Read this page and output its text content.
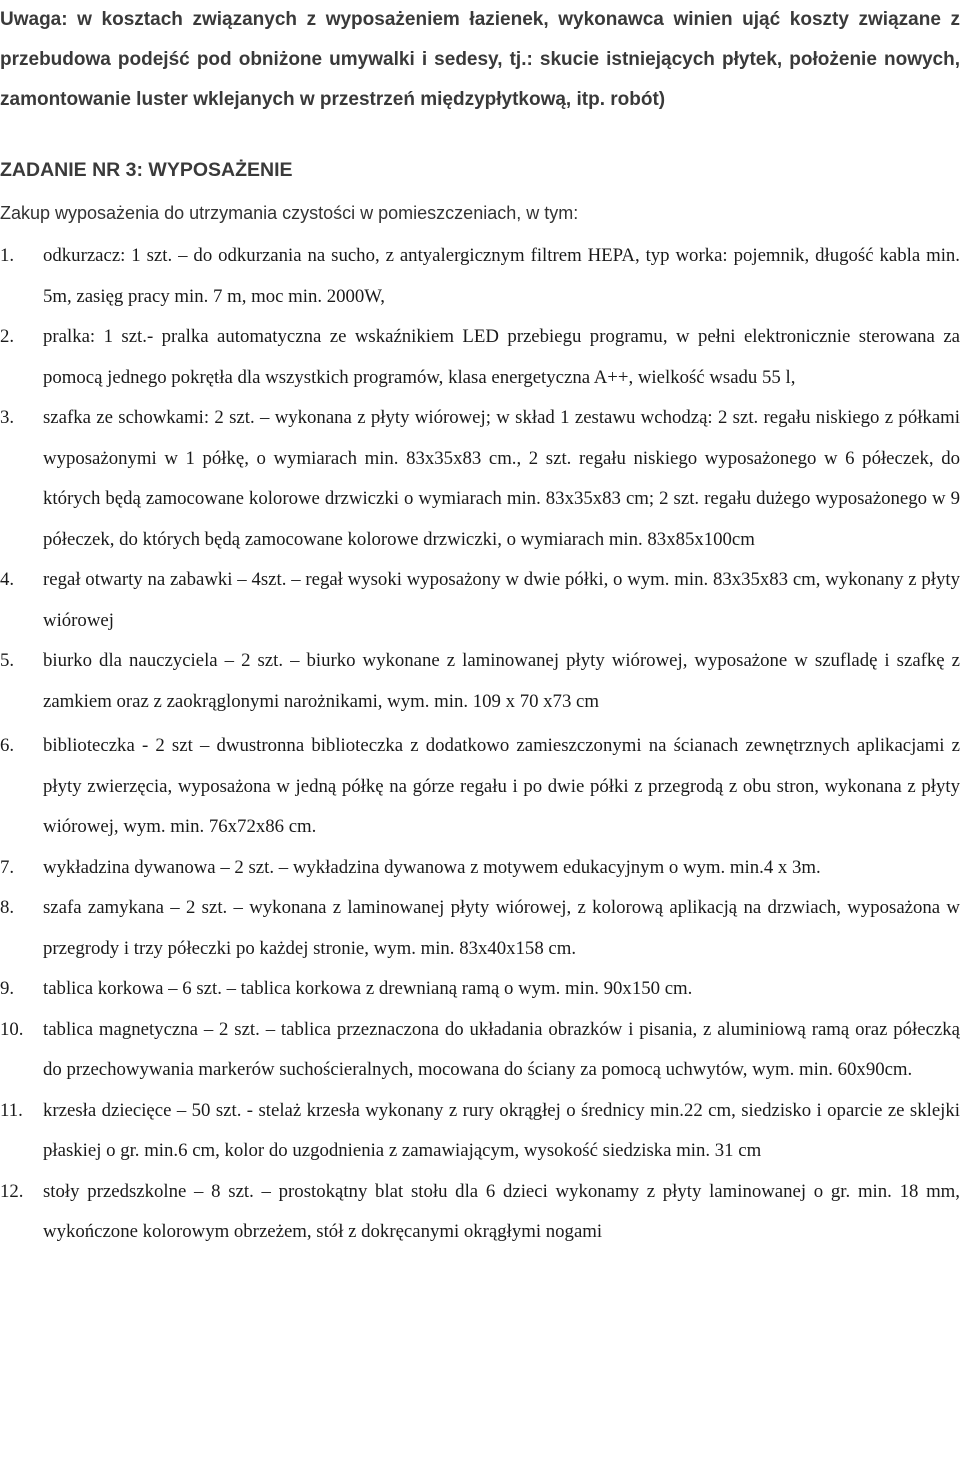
Uwaga: w kosztach związanych z wyposażeniem łazienek, wykonawca winien ująć koszty związane z przebudowa podejść pod obniżone umywalki i sedesy, tj.: skucie istniejących płytek, położenie nowych, zamontowanie luster wklejanych w przestrzeń międzypłytkową, itp. robót)

ZADANIE NR 3: WYPOSAŻENIE

Zakup wyposażenia do utrzymania czystości w pomieszczeniach, w tym:

1. odkurzacz: 1 szt. – do odkurzania na sucho, z antyalergicznym filtrem HEPA, typ worka: pojemnik, długość kabla min. 5m, zasięg pracy min. 7 m, moc min. 2000W,
2. pralka: 1 szt.- pralka automatyczna ze wskaźnikiem LED przebiegu programu, w pełni elektronicznie sterowana za pomocą jednego pokrętła dla wszystkich programów, klasa energetyczna A++, wielkość wsadu 55 l,
3. szafka ze schowkami: 2 szt. – wykonana z płyty wiórowej; w skład 1 zestawu wchodzą: 2 szt. regału niskiego z półkami wyposażonymi w 1 półkę, o wymiarach min. 83x35x83 cm., 2 szt. regału niskiego wyposażonego w 6 półeczek, do których będą zamocowane kolorowe drzwiczki o wymiarach min. 83x35x83 cm; 2 szt. regału dużego wyposażonego w 9 półeczek, do których będą zamocowane kolorowe drzwiczki, o wymiarach min. 83x85x100cm
4. regał otwarty na zabawki – 4szt. – regał wysoki wyposażony w dwie półki, o wym. min. 83x35x83 cm, wykonany z płyty wiórowej
5. biurko dla nauczyciela – 2 szt. – biurko wykonane z laminowanej płyty wiórowej, wyposażone w szufladę i szafkę z zamkiem oraz z zaokrąglonymi narożnikami, wym. min. 109 x 70 x73 cm
6. biblioteczka - 2 szt – dwustronna biblioteczka z dodatkowo zamieszczonymi na ścianach zewnętrznych aplikacjami z płyty zwierzęcia, wyposażona w jedną półkę na górze regału i po dwie półki z przegrodą z obu stron, wykonana z płyty wiórowej, wym. min. 76x72x86 cm.
7. wykładzina dywanowa – 2 szt. – wykładzina dywanowa z motywem edukacyjnym o wym. min.4 x 3m.
8. szafa zamykana – 2 szt. – wykonana z laminowanej płyty wiórowej, z kolorową aplikacją na drzwiach, wyposażona w przegrody i trzy półeczki po każdej stronie, wym. min. 83x40x158 cm.
9. tablica korkowa – 6 szt. – tablica korkowa z drewnianą ramą o wym. min. 90x150 cm.
10. tablica magnetyczna – 2 szt. – tablica przeznaczona do układania obrazków i pisania, z aluminiową ramą oraz półeczką do przechowywania markerów suchościeralnych, mocowana do ściany za pomocą uchwytów, wym. min. 60x90cm.
11. krzesła dziecięce – 50 szt. - stelaż krzesła wykonany z rury okrągłej o średnicy min.22 cm, siedzisko i oparcie ze sklejki płaskiej o gr. min.6 cm, kolor do uzgodnienia z zamawiającym, wysokość siedziska min. 31 cm
12. stoły przedszkolne – 8 szt. – prostokątny blat stołu dla 6 dzieci wykonamy z płyty laminowanej o gr. min. 18 mm, wykończone kolorowym obrzeżem, stół z dokręcanymi okrągłymi nogami
